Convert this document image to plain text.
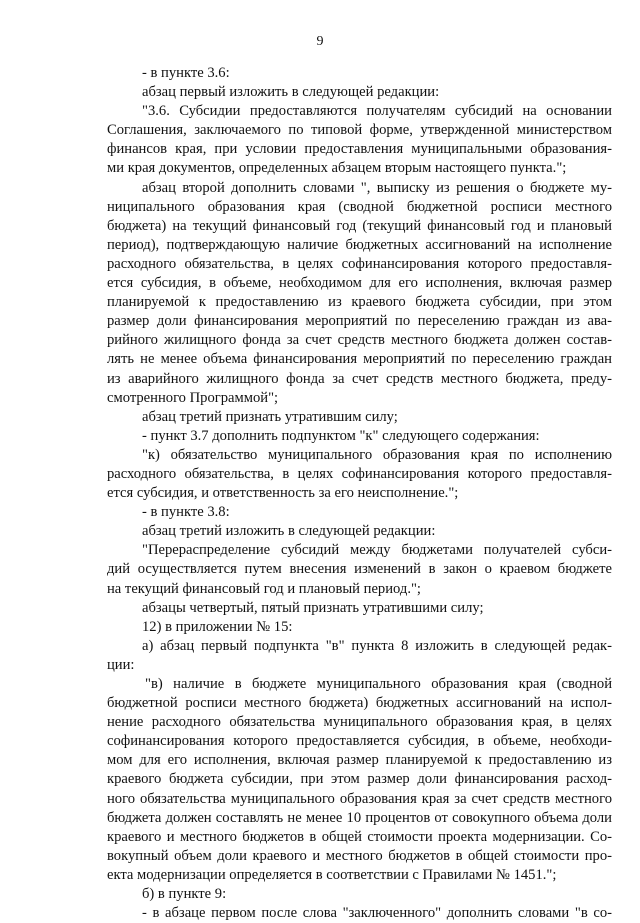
9
- в пункте 3.6:
абзац первый изложить в следующей редакции:
"3.6. Субсидии предоставляются получателям субсидий на основании
Соглашения, заключаемого по типовой форме, утвержденной министерством
финансов края, при условии предоставления муниципальными образования-
ми края документов, определенных абзацем вторым настоящего пункта.";
абзац второй дополнить словами ", выписку из решения о бюджете му-
ниципального образования края (сводной бюджетной росписи местного
бюджета) на текущий финансовый год (текущий финансовый год и плановый
период), подтверждающую наличие бюджетных ассигнований на исполнение
расходного обязательства, в целях софинансирования которого предоставля-
ется субсидия, в объеме, необходимом для его исполнения, включая размер
планируемой к предоставлению из краевого бюджета субсидии, при этом
размер доли финансирования мероприятий по переселению граждан из ава-
рийного жилищного фонда за счет средств местного бюджета должен состав-
лять не менее объема финансирования мероприятий по переселению граждан
из аварийного жилищного фонда за счет средств местного бюджета, преду-
смотренного Программой";
абзац третий признать утратившим силу;
- пункт 3.7 дополнить подпунктом "к" следующего содержания:
"к) обязательство муниципального образования края по исполнению
расходного обязательства, в целях софинансирования которого предоставля-
ется субсидия, и ответственность за его неисполнение.";
- в пункте 3.8:
абзац третий изложить в следующей редакции:
"Перераспределение субсидий между бюджетами получателей субси-
дий осуществляется путем внесения изменений в закон о краевом бюджете
на текущий финансовый год и плановый период.";
абзацы четвертый, пятый признать утратившими силу;
12) в приложении № 15:
а) абзац первый подпункта "в" пункта 8 изложить в следующей редак-
ции:
"в) наличие в бюджете муниципального образования края (сводной
бюджетной росписи местного бюджета) бюджетных ассигнований на испол-
нение расходного обязательства муниципального образования края, в целях
софинансирования которого предоставляется субсидия, в объеме, необходи-
мом для его исполнения, включая размер планируемой к предоставлению из
краевого бюджета субсидии, при этом размер доли финансирования расход-
ного обязательства муниципального образования края за счет средств местного
бюджета должен составлять не менее 10 процентов от совокупного объема доли
краевого и местного бюджетов в общей стоимости проекта модернизации. Со-
вокупный объем доли краевого и местного бюджетов в общей стоимости про-
екта модернизации определяется в соответствии с Правилами № 1451.";
б) в пункте 9:
- в абзаце первом после слова "заключенного" дополнить словами "в со-
